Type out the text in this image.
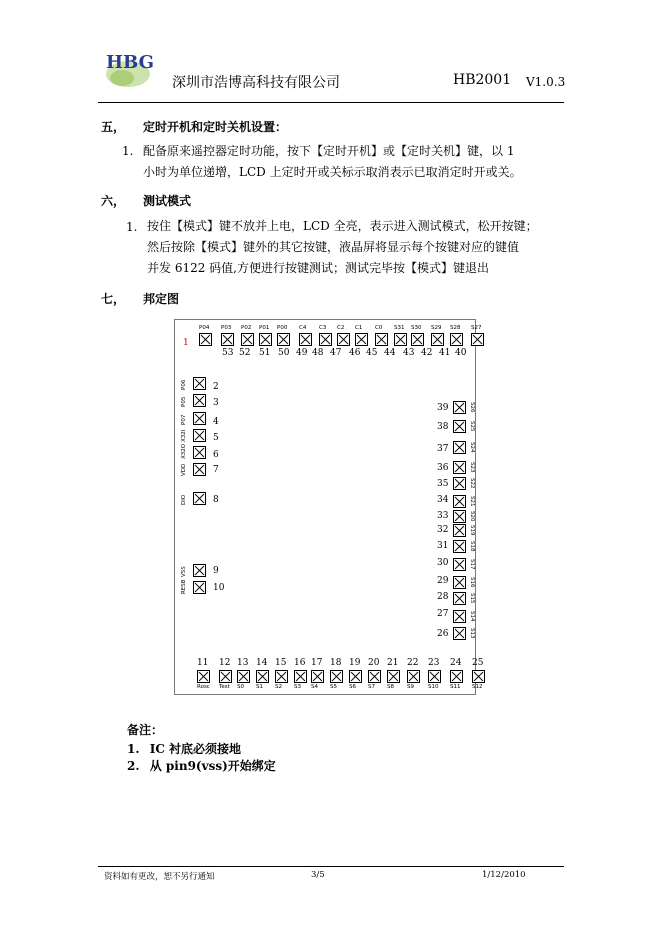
HBG
深圳市浩博高科技有限公司	HB2001 V1.0.3
五， 定时开机和定时关机设置：
1. 配备原来遥控器定时功能，按下【定时开机】或【定时关机】键，以 1
小时为单位递增，LCD 上定时开或关标示取消表示已取消定时开或关。
六， 测试模式
1. 按住【模式】键不放并上电，LCD 全亮，表示进入测试模式，松开按键；
然后按除【模式】键外的其它按键，液晶屏将显示每个按键对应的键值
并发 6122 码值,方便进行按键测试；测试完毕按【模式】键退出
七， 邦定图
P04
1
P03
53
P02
52
P01
51
P00
50
C4
49
C3
48
C2
47
C1
46
C0
45
S31
44
S30
43
S29
42
S28
41
S27
40
P06	2
P05	3
P07	4
X32I	5
X32O	6
VDD	7
DIO	8
VSS	9
RESB	10
S26
39
S25
38
S24
37
S23
36
S22
35
S21
34
S20
33
S19
32
S18
31
S17
30
S16
29
S15
28
S14
27
S13
26
11
Rosc
12
Test
13
S0
14
S1
15
S2
16
S3
17
S4
18
S5
19
S6
20
S7
21
S8
22
S9
23
S10
24
S11
25
S12
备注：
1. IC 衬底必须接地
2. 从 pin9(vss)开始绑定
资料如有更改，恕不另行通知	3/5	1/12/2010
